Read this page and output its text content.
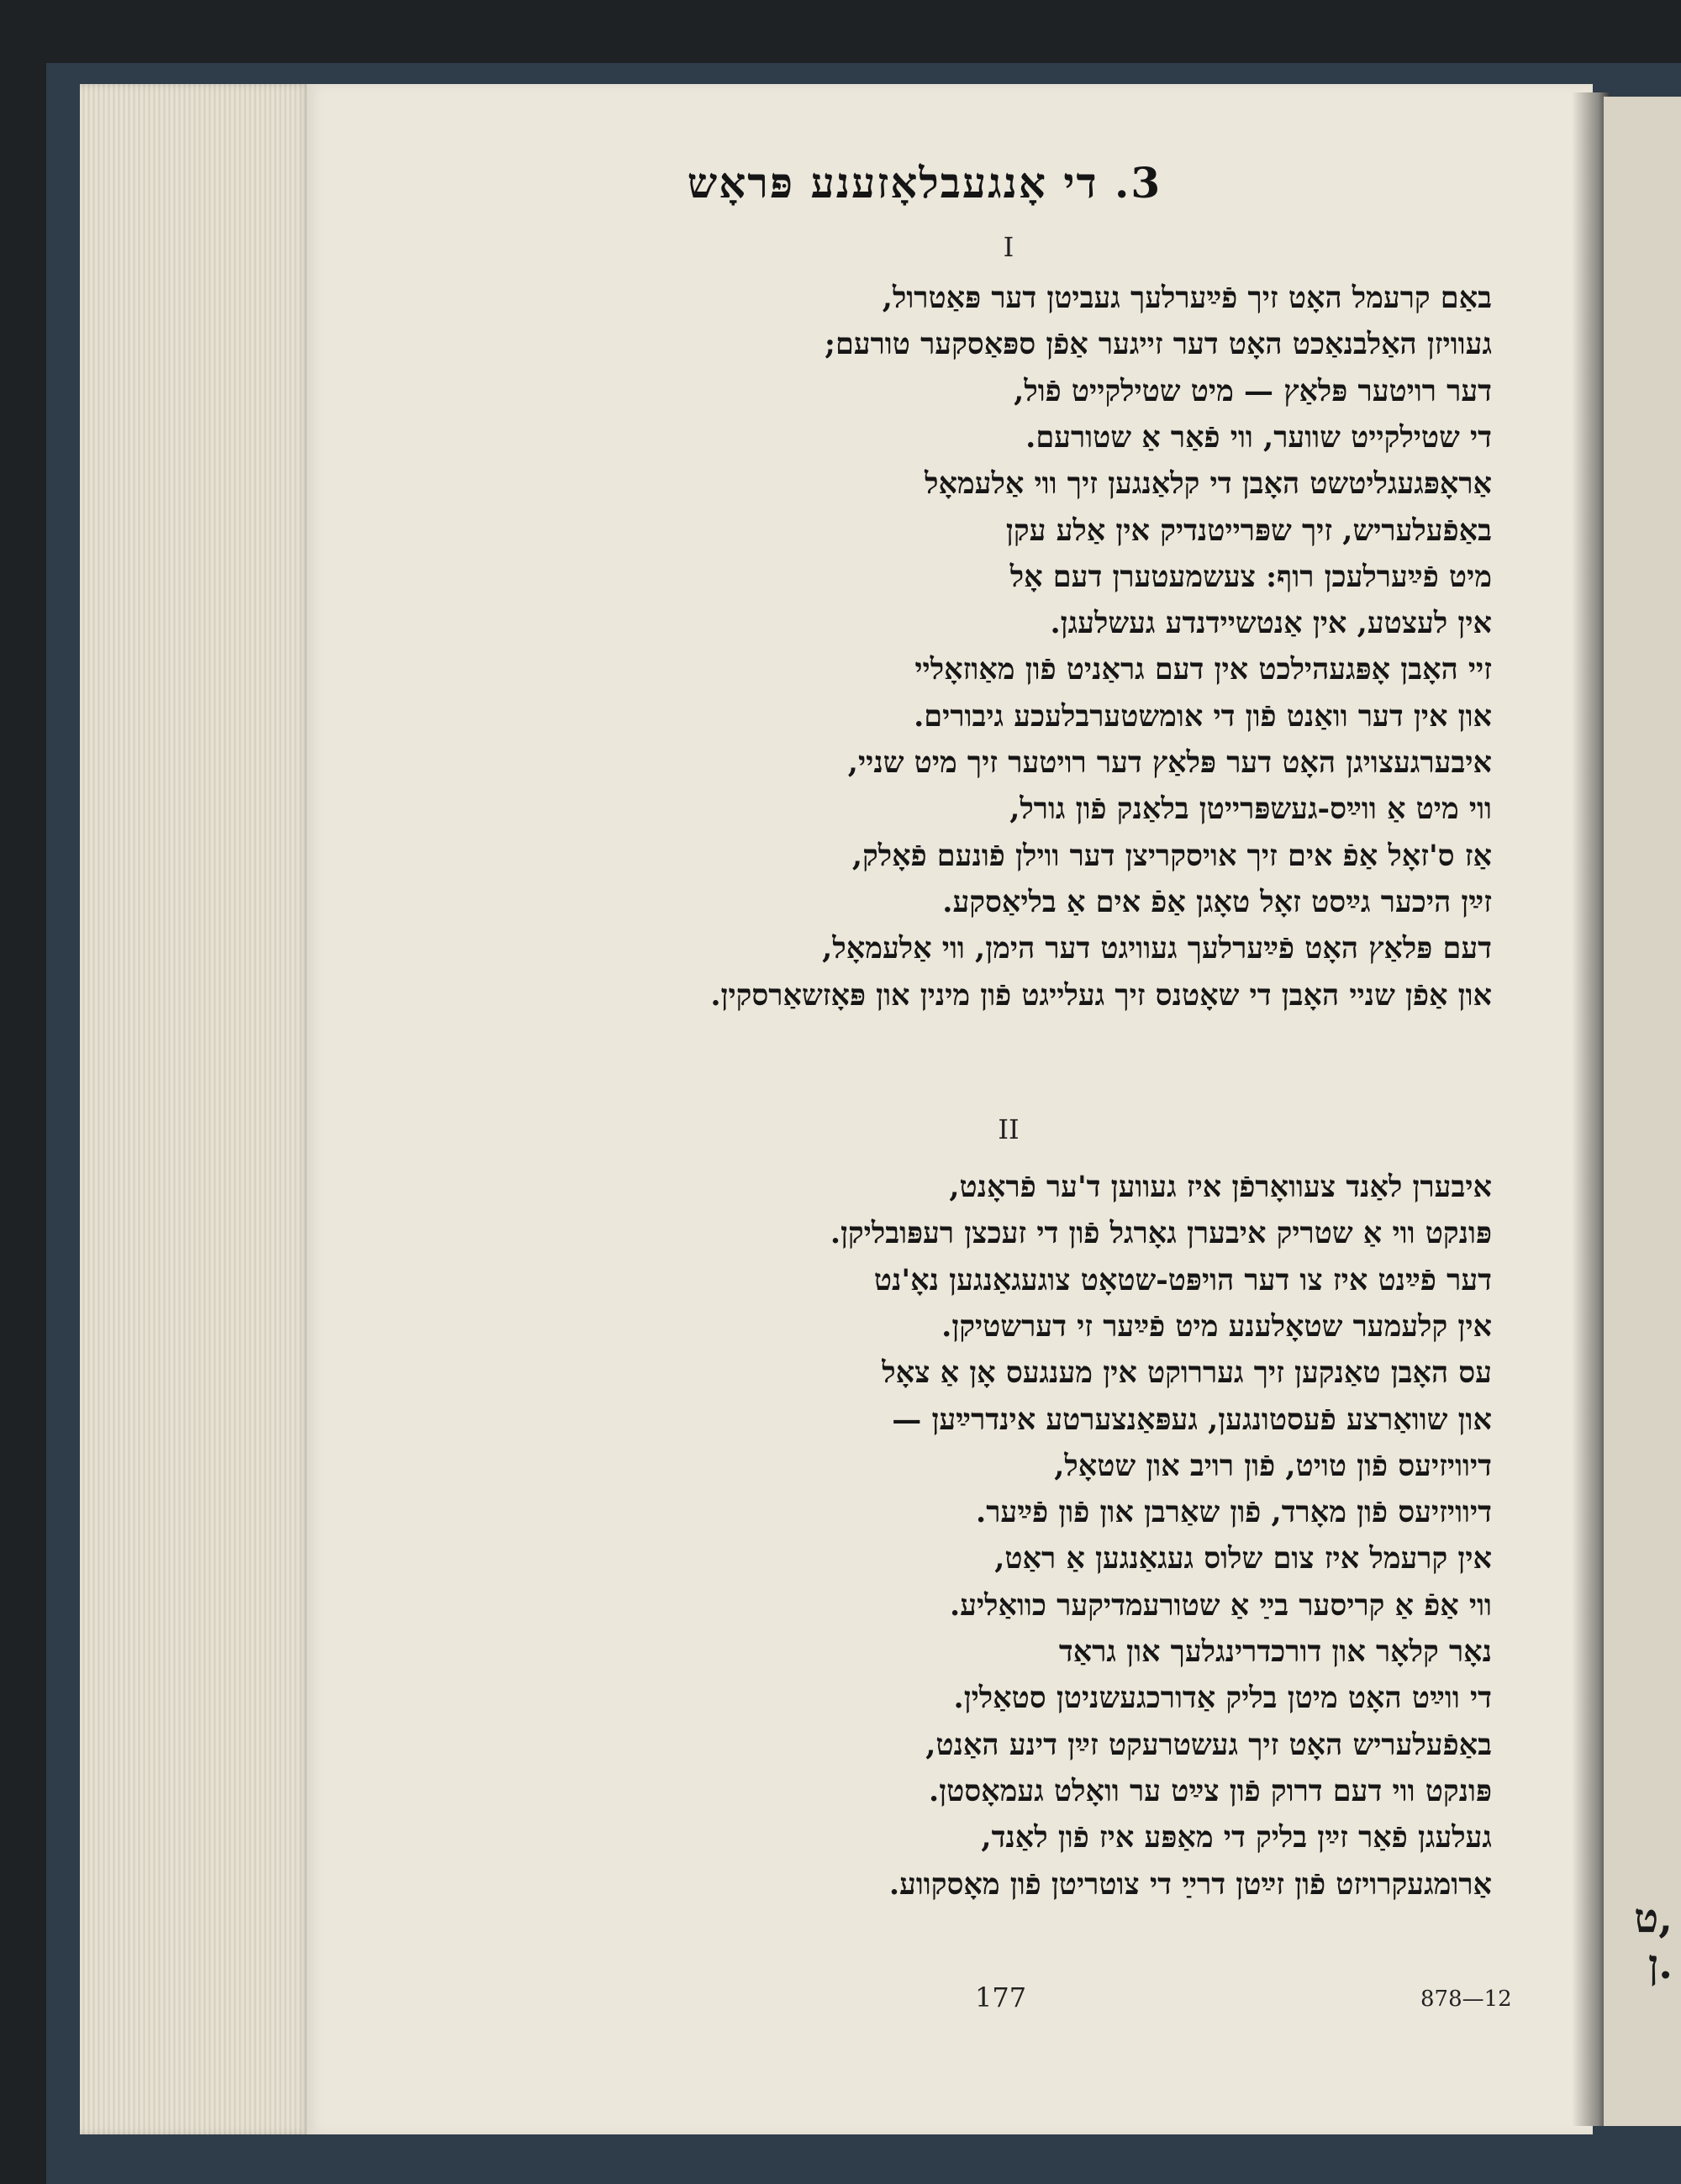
ט,
ן.
3. די אָנגעבלאָזענע פּראָש
I
באַם קרעמל האָט זיך פֿײַערלעך געביטן דער פּאַטרול,
געוויזן האַלבנאַכט האָט דער זייגער אַפֿן ספּאַסקער טורעם;
דער רויטער פּלאַץ — מיט שטילקייט פֿול,
די שטילקייט שווער, ווי פֿאַר אַ שטורעם.
אַראָפּגעגליטשט האָבן די קלאַנגען זיך ווי אַלעמאָל
באַפֿעלעריש, זיך שפּרייטנדיק אין אַלע עקן
מיט פֿײַערלעכן רוף: צעשמעטערן דעם אָל
אין לעצטע, אין אַנטשיידנדע געשלעגן.
זיי האָבן אָפּגעהילכט אין דעם גראַניט פֿון מאַוזאָליי
און אין דער וואַנט פֿון די אומשטערבלעכע גיבורים.
איבערגעצויגן האָט דער פּלאַץ דער רויטער זיך מיט שניי,
ווי מיט אַ ווײַס-געשפּרייטן בלאַנק פֿון גורל,
אַז ס'זאָל אַפֿ אים זיך אויסקריצן דער ווילן פֿונעם פֿאָלק,
זײַן היכער גײַסט זאָל טאָגן אַפֿ אים אַ בליאַסקע.
דעם פּלאַץ האָט פֿײַערלעך געוויגט דער הימן, ווי אַלעמאָל,
און אַפֿן שניי האָבן די שאָטנס זיך געלייגט פֿון מינין און פּאָזשאַרסקין.
II
איבערן לאַנד צעוואָרפֿן איז געווען ד'ער פֿראָנט,
פּונקט ווי אַ שטריק איבערן גאָרגל פֿון די זעכצן רעפּובליקן.
דער פֿײַנט איז צו דער הויפּט-שטאָט צוגעגאַנגען נאָ'נט
אין קלעמער שטאָלענע מיט פֿײַער זי דערשטיקן.
עס האָבן טאַנקען זיך געררוקט אין מענגעס אָן אַ צאָל
און שוואַרצע פֿעסטונגען, געפּאַנצערטע אינדרײַען —
דיוויזיעס פֿון טויט, פֿון רויב און שטאָל,
דיוויזיעס פֿון מאָרד, פֿון שאַרבן און פֿון פֿײַער.
אין קרעמל איז צום שלוס געגאַנגען אַ ראַט,
ווי אַפֿ אַ קריסער בײַ אַ שטורעמדיקער כוואַליע.
נאָר קלאָר און דורכדרינגלעך און גראַד
די ווײַט האָט מיטן בליק אַדורכגעשניטן סטאַלין.
באַפֿעלעריש האָט זיך געשטרעקט זײַן דינע האַנט,
פּונקט ווי דעם דרוק פֿון צײַט ער וואָלט געמאָסטן.
געלעגן פֿאַר זײַן בליק די מאַפּע איז פֿון לאַנד,
אַרומגעקרויזט פֿון זײַטן דרײַ די צוטריטן פֿון מאָסקווע.
177	878—12
